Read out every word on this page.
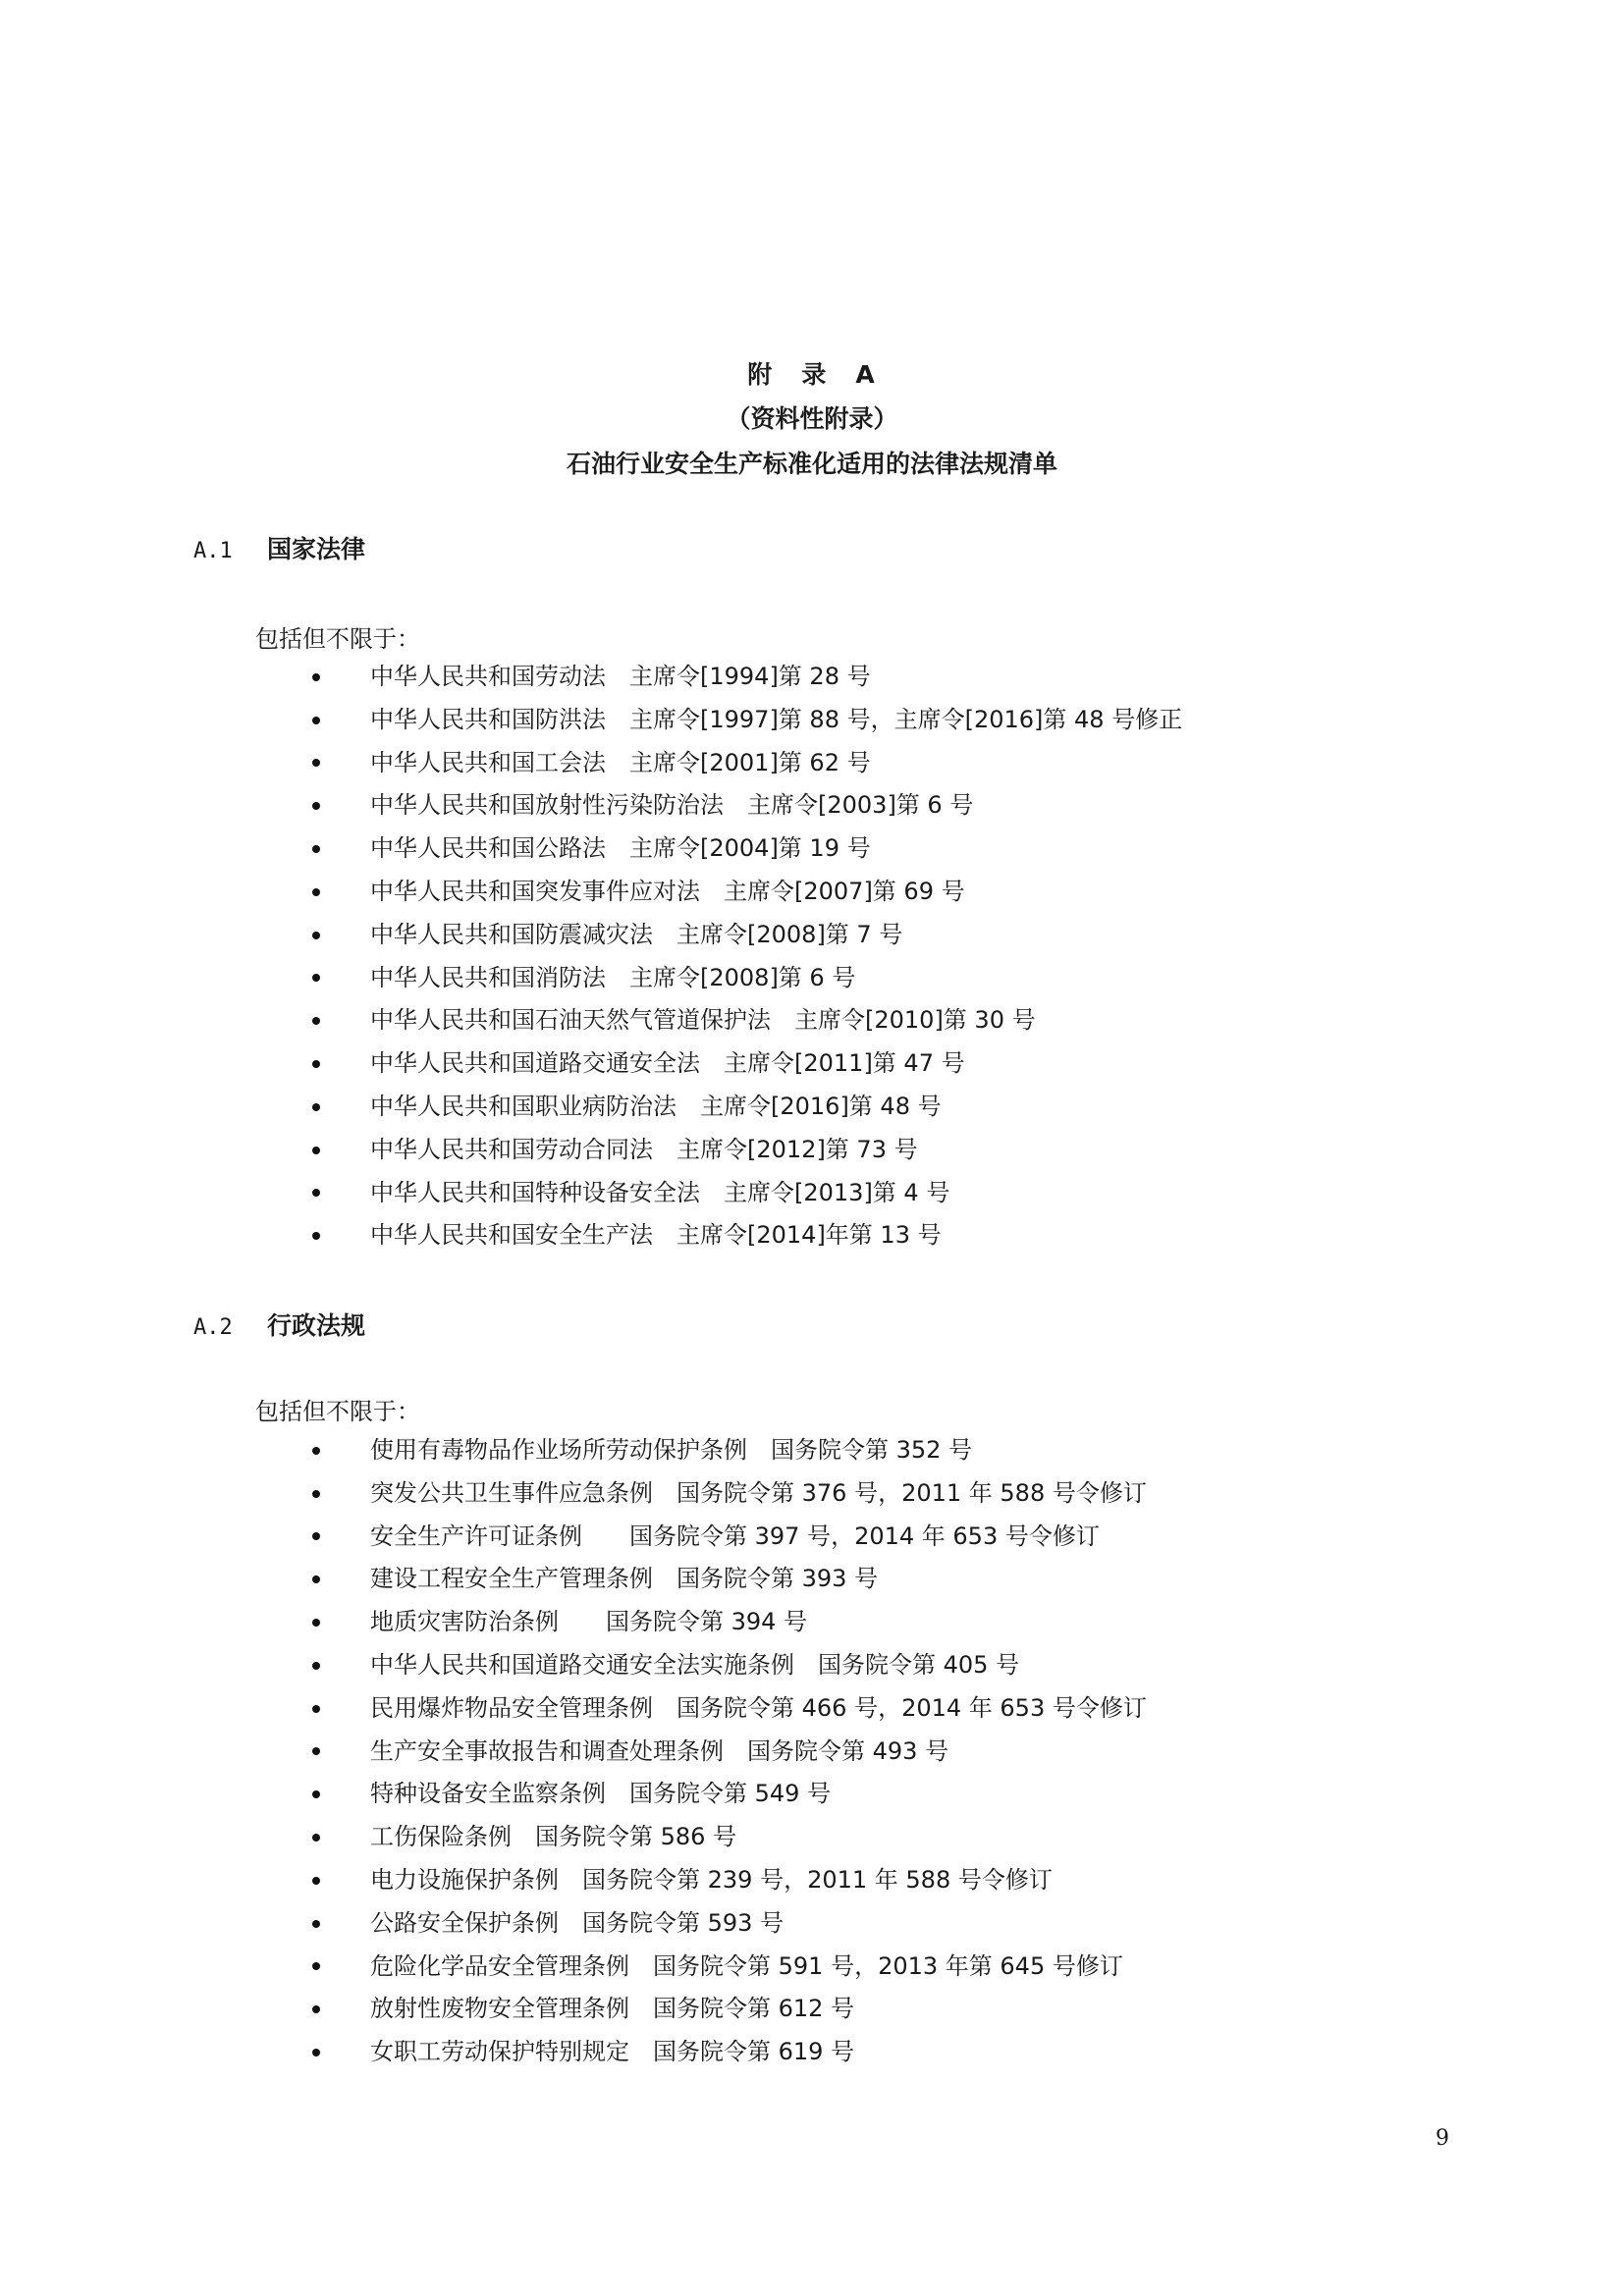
附 录 A
（资料性附录）
石油行业安全生产标准化适用的法律法规清单
A.1 国家法律
包括但不限于：
中华人民共和国劳动法　主席令[1994]第 28 号
中华人民共和国防洪法　主席令[1997]第 88 号，主席令[2016]第 48 号修正
中华人民共和国工会法　主席令[2001]第 62 号
中华人民共和国放射性污染防治法　主席令[2003]第 6 号
中华人民共和国公路法　主席令[2004]第 19 号
中华人民共和国突发事件应对法　主席令[2007]第 69 号
中华人民共和国防震减灾法　主席令[2008]第 7 号
中华人民共和国消防法　主席令[2008]第 6 号
中华人民共和国石油天然气管道保护法　主席令[2010]第 30 号
中华人民共和国道路交通安全法　主席令[2011]第 47 号
中华人民共和国职业病防治法　主席令[2016]第 48 号
中华人民共和国劳动合同法　主席令[2012]第 73 号
中华人民共和国特种设备安全法　主席令[2013]第 4 号
中华人民共和国安全生产法　主席令[2014]年第 13 号
A.2 行政法规
包括但不限于：
使用有毒物品作业场所劳动保护条例　国务院令第 352 号
突发公共卫生事件应急条例　国务院令第 376 号，2011 年 588 号令修订
安全生产许可证条例　　国务院令第 397 号，2014 年 653 号令修订
建设工程安全生产管理条例　国务院令第 393 号
地质灾害防治条例　　国务院令第 394 号
中华人民共和国道路交通安全法实施条例　国务院令第 405 号
民用爆炸物品安全管理条例　国务院令第 466 号，2014 年 653 号令修订
生产安全事故报告和调查处理条例　国务院令第 493 号
特种设备安全监察条例　国务院令第 549 号
工伤保险条例　国务院令第 586 号
电力设施保护条例　国务院令第 239 号，2011 年 588 号令修订
公路安全保护条例　国务院令第 593 号
危险化学品安全管理条例　国务院令第 591 号，2013 年第 645 号修订
放射性废物安全管理条例　国务院令第 612 号
女职工劳动保护特别规定　国务院令第 619 号
9
